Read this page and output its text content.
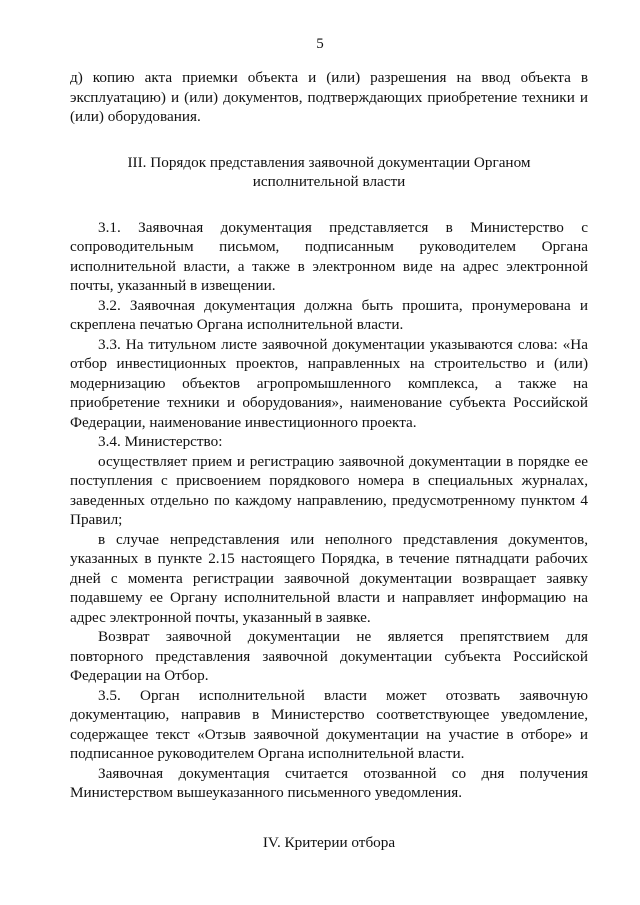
5

д) копию акта приемки объекта и (или) разрешения на ввод объекта в эксплуатацию) и (или) документов, подтверждающих приобретение техники и (или) оборудования.

III. Порядок представления заявочной документации Органом исполнительной власти

3.1. Заявочная документация представляется в Министерство с сопроводительным письмом, подписанным руководителем Органа исполнительной власти, а также в электронном виде на адрес электронной почты, указанный в извещении.

3.2. Заявочная документация должна быть прошита, пронумерована и скреплена печатью Органа исполнительной власти.

3.3. На титульном листе заявочной документации указываются слова: «На отбор инвестиционных проектов, направленных на строительство и (или) модернизацию объектов агропромышленного комплекса, а также на приобретение техники и оборудования», наименование субъекта Российской Федерации, наименование инвестиционного проекта.

3.4. Министерство:

осуществляет прием и регистрацию заявочной документации в порядке ее поступления с присвоением порядкового номера в специальных журналах, заведенных отдельно по каждому направлению, предусмотренному пунктом 4 Правил;

в случае непредставления или неполного представления документов, указанных в пункте 2.15 настоящего Порядка, в течение пятнадцати рабочих дней с момента регистрации заявочной документации возвращает заявку подавшему ее Органу исполнительной власти и направляет информацию на адрес электронной почты, указанный в заявке.

Возврат заявочной документации не является препятствием для повторного представления заявочной документации субъекта Российской Федерации на Отбор.

3.5. Орган исполнительной власти может отозвать заявочную документацию, направив в Министерство соответствующее уведомление, содержащее текст «Отзыв заявочной документации на участие в отборе» и подписанное руководителем Органа исполнительной власти.

Заявочная документация считается отозванной со дня получения Министерством вышеуказанного письменного уведомления.

IV. Критерии отбора
